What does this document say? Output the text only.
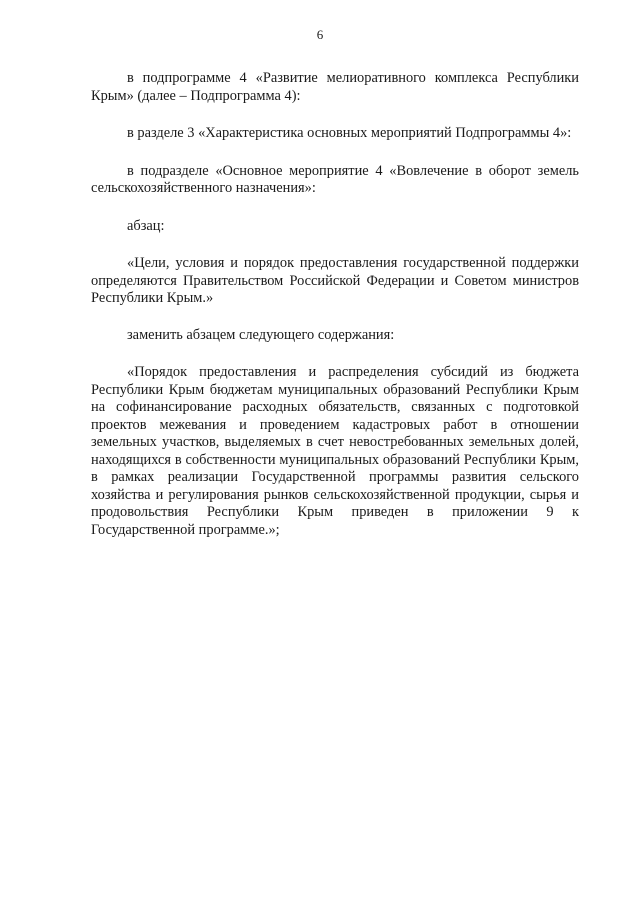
6

в подпрограмме 4 «Развитие мелиоративного комплекса Республики Крым» (далее – Подпрограмма 4):

в разделе 3 «Характеристика основных мероприятий Подпрограммы 4»:

в подразделе «Основное мероприятие 4 «Вовлечение в оборот земель сельскохозяйственного назначения»:

абзац:

«Цели, условия и порядок предоставления государственной поддержки определяются Правительством Российской Федерации и Советом министров Республики Крым.»

заменить абзацем следующего содержания:

«Порядок предоставления и распределения субсидий из бюджета Республики Крым бюджетам муниципальных образований Республики Крым на софинансирование расходных обязательств, связанных с подготовкой проектов межевания и проведением кадастровых работ в отношении земельных участков, выделяемых в счет невостребованных земельных долей, находящихся в собственности муниципальных образований Республики Крым, в рамках реализации Государственной программы развития сельского хозяйства и регулирования рынков сельскохозяйственной продукции, сырья и продовольствия Республики Крым приведен в приложении 9 к Государственной программе.»;
